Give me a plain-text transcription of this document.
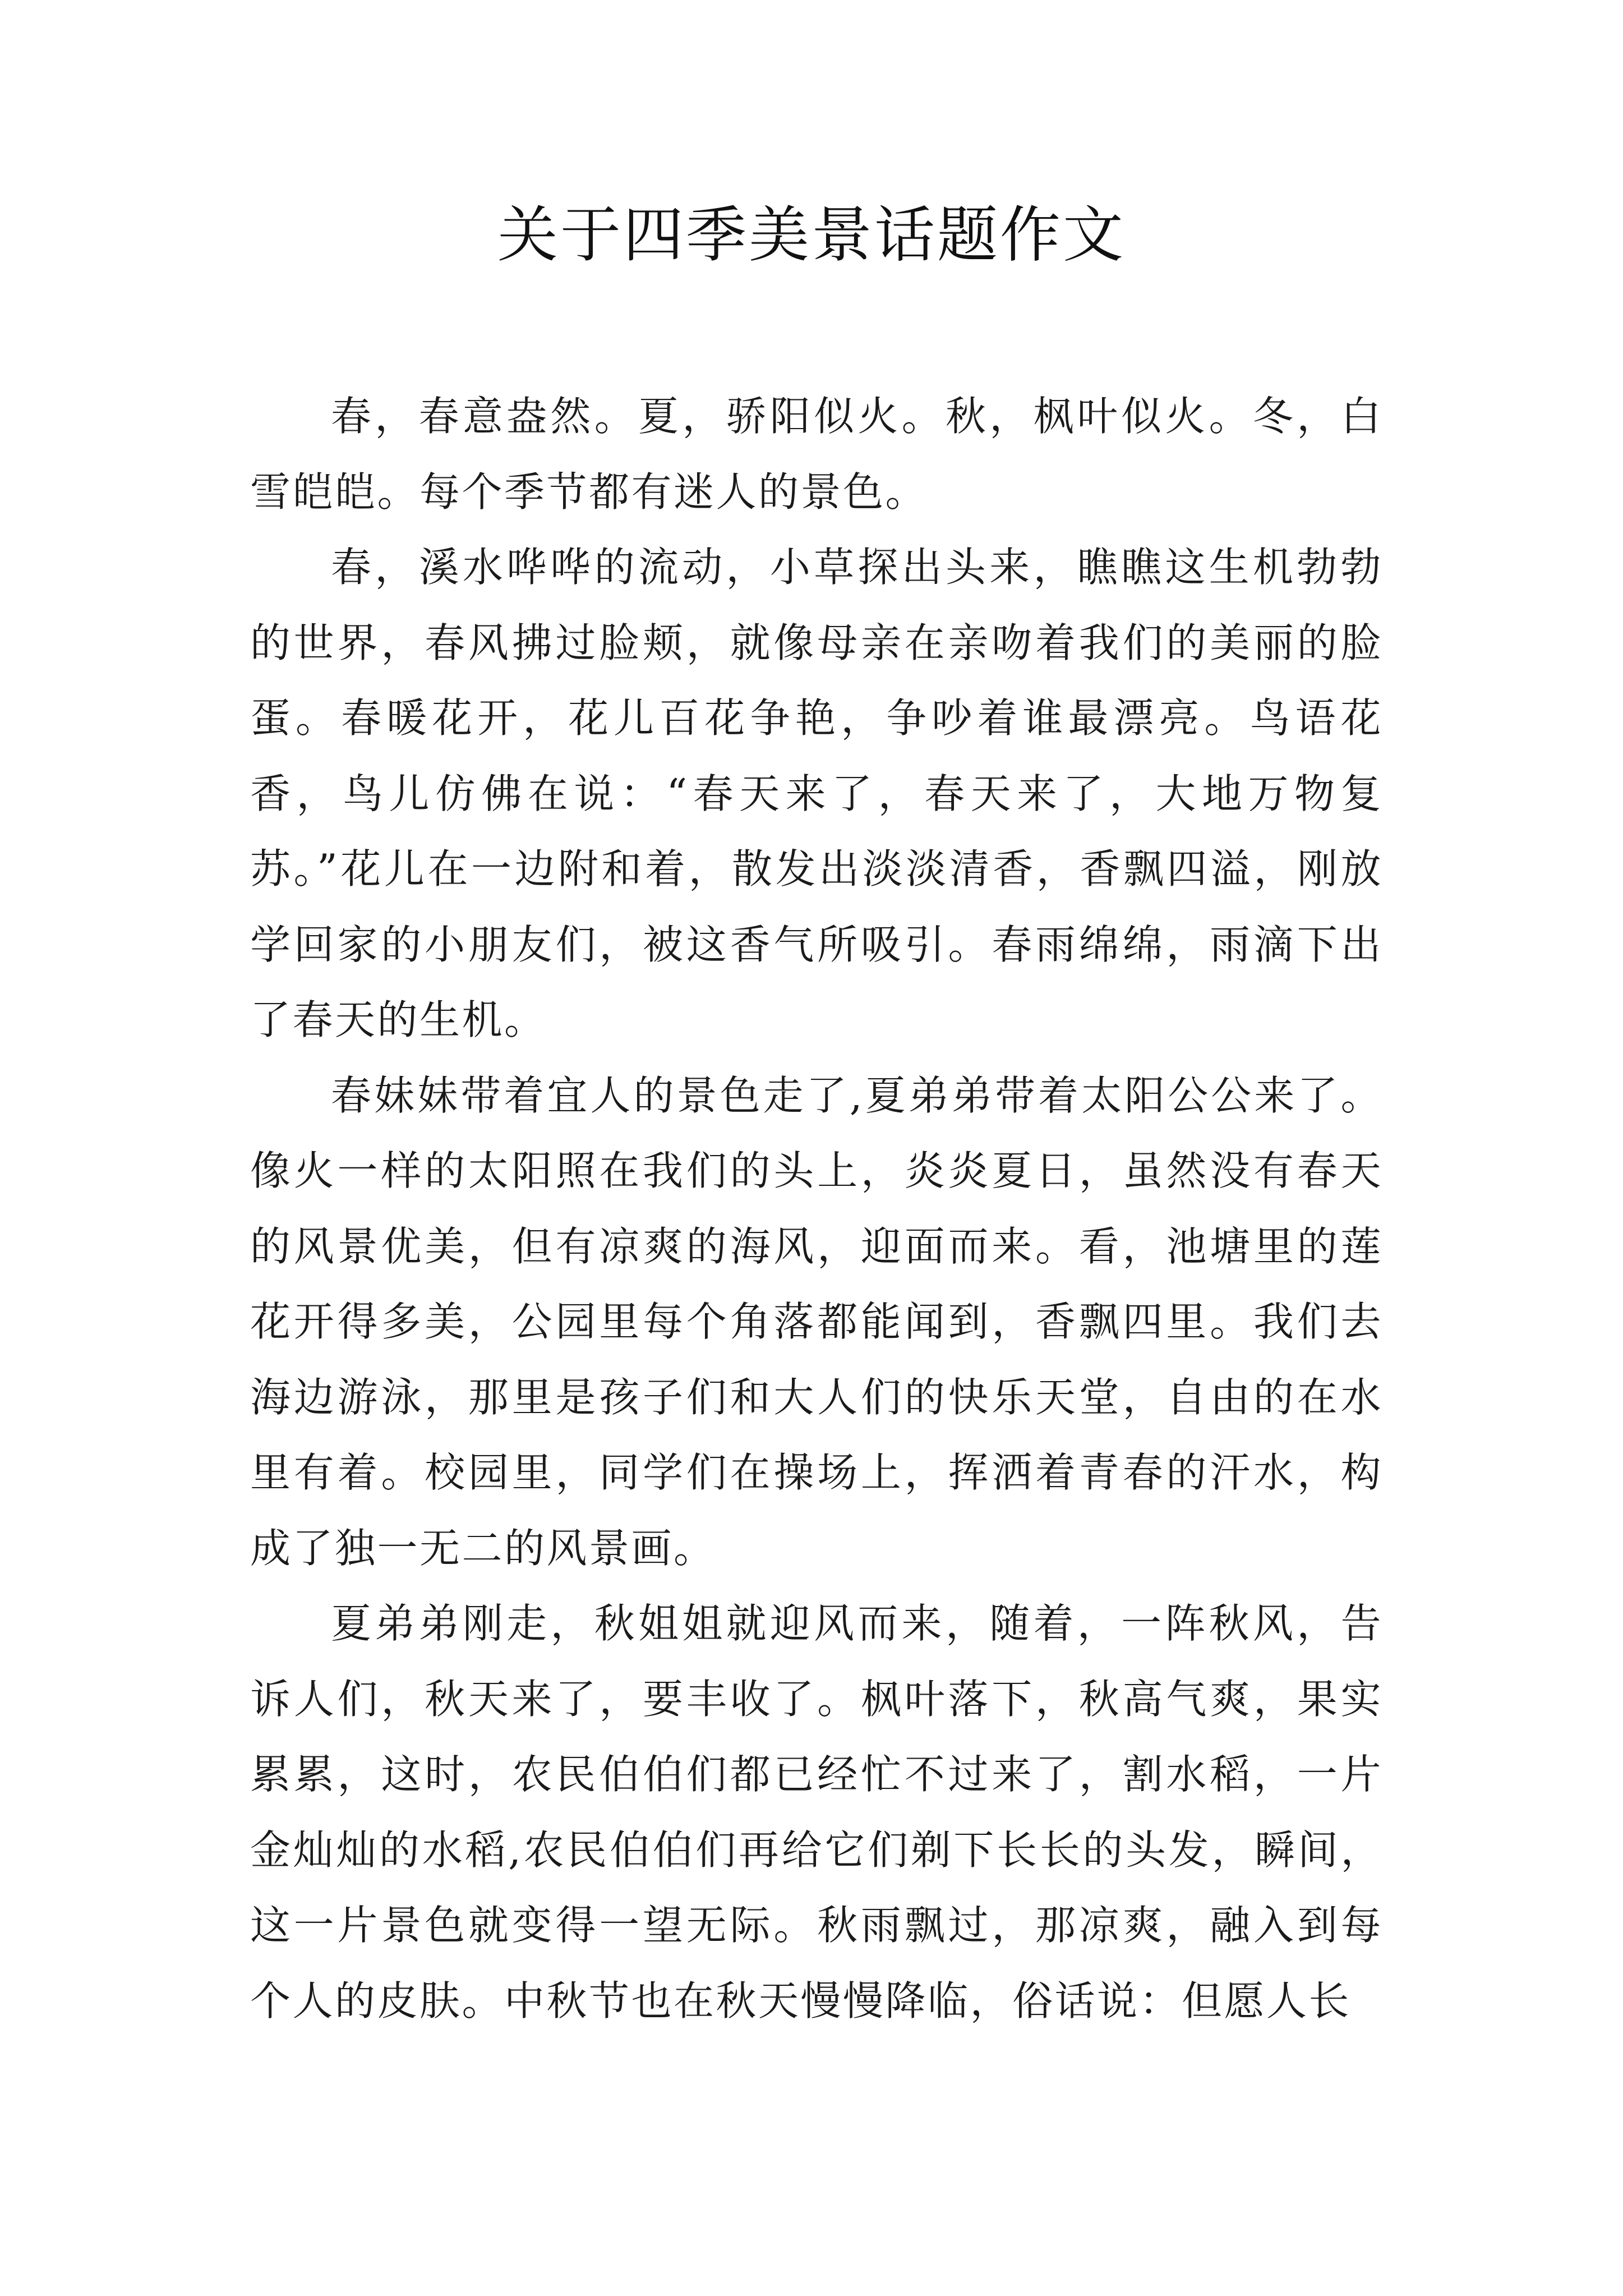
关于四季美景话题作文

春，春意盎然。夏，骄阳似火。秋，枫叶似火。冬，白雪皑皑。每个季节都有迷人的景色。

春，溪水哗哗的流动，小草探出头来，瞧瞧这生机勃勃的世界，春风拂过脸颊，就像母亲在亲吻着我们的美丽的脸蛋。春暖花开，花儿百花争艳，争吵着谁最漂亮。鸟语花香，鸟儿仿佛在说：“春天来了，春天来了，大地万物复苏。”花儿在一边附和着，散发出淡淡清香，香飘四溢，刚放学回家的小朋友们，被这香气所吸引。春雨绵绵，雨滴下出了春天的生机。

春妹妹带着宜人的景色走了,夏弟弟带着太阳公公来了。像火一样的太阳照在我们的头上，炎炎夏日，虽然没有春天的风景优美，但有凉爽的海风，迎面而来。看，池塘里的莲花开得多美，公园里每个角落都能闻到，香飘四里。我们去海边游泳，那里是孩子们和大人们的快乐天堂，自由的在水里有着。校园里，同学们在操场上，挥洒着青春的汗水，构成了独一无二的风景画。

夏弟弟刚走，秋姐姐就迎风而来，随着，一阵秋风，告诉人们，秋天来了，要丰收了。枫叶落下，秋高气爽，果实累累，这时，农民伯伯们都已经忙不过来了，割水稻，一片金灿灿的水稻,农民伯伯们再给它们剃下长长的头发，瞬间，这一片景色就变得一望无际。秋雨飘过，那凉爽，融入到每个人的皮肤。中秋节也在秋天慢慢降临，俗话说：但愿人长
